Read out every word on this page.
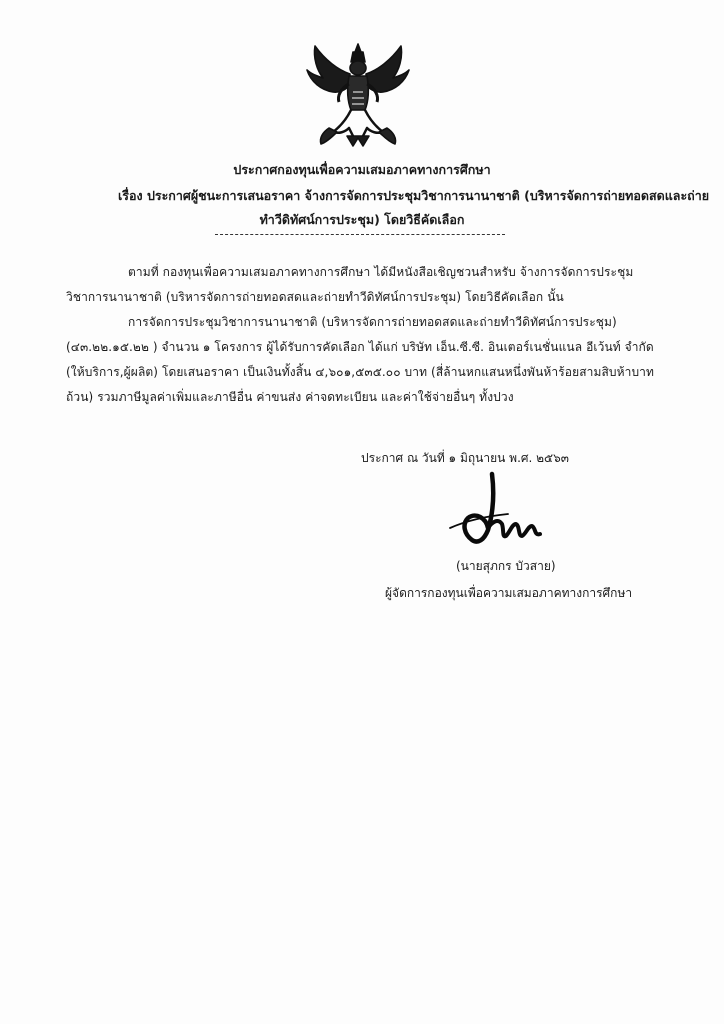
ประกาศกองทุนเพื่อความเสมอภาคทางการศึกษา
เรื่อง ประกาศผู้ชนะการเสนอราคา จ้างการจัดการประชุมวิชาการนานาชาติ (บริหารจัดการถ่ายทอดสดและถ่าย
ทำวีดิทัศน์การประชุม) โดยวิธีคัดเลือก
ตามที่ กองทุนเพื่อความเสมอภาคทางการศึกษา ได้มีหนังสือเชิญชวนสำหรับ จ้างการจัดการประชุม
วิชาการนานาชาติ (บริหารจัดการถ่ายทอดสดและถ่ายทำวีดิทัศน์การประชุม) โดยวิธีคัดเลือก นั้น
การจัดการประชุมวิชาการนานาชาติ (บริหารจัดการถ่ายทอดสดและถ่ายทำวีดิทัศน์การประชุม)
(๔๓.๒๒.๑๕.๒๒ ) จำนวน ๑ โครงการ ผู้ได้รับการคัดเลือก ได้แก่ บริษัท เอ็น.ซี.ซี. อินเตอร์เนชั่นแนล อีเว้นท์ จำกัด
(ให้บริการ,ผู้ผลิต) โดยเสนอราคา เป็นเงินทั้งสิ้น ๔,๖๐๑,๕๓๕.๐๐ บาท (สี่ล้านหกแสนหนึ่งพันห้าร้อยสามสิบห้าบาท
ถ้วน) รวมภาษีมูลค่าเพิ่มและภาษีอื่น ค่าขนส่ง ค่าจดทะเบียน และค่าใช้จ่ายอื่นๆ ทั้งปวง
ประกาศ ณ วันที่ ๑ มิถุนายน พ.ศ. ๒๕๖๓
(นายสุภกร บัวสาย)
ผู้จัดการกองทุนเพื่อความเสมอภาคทางการศึกษา
